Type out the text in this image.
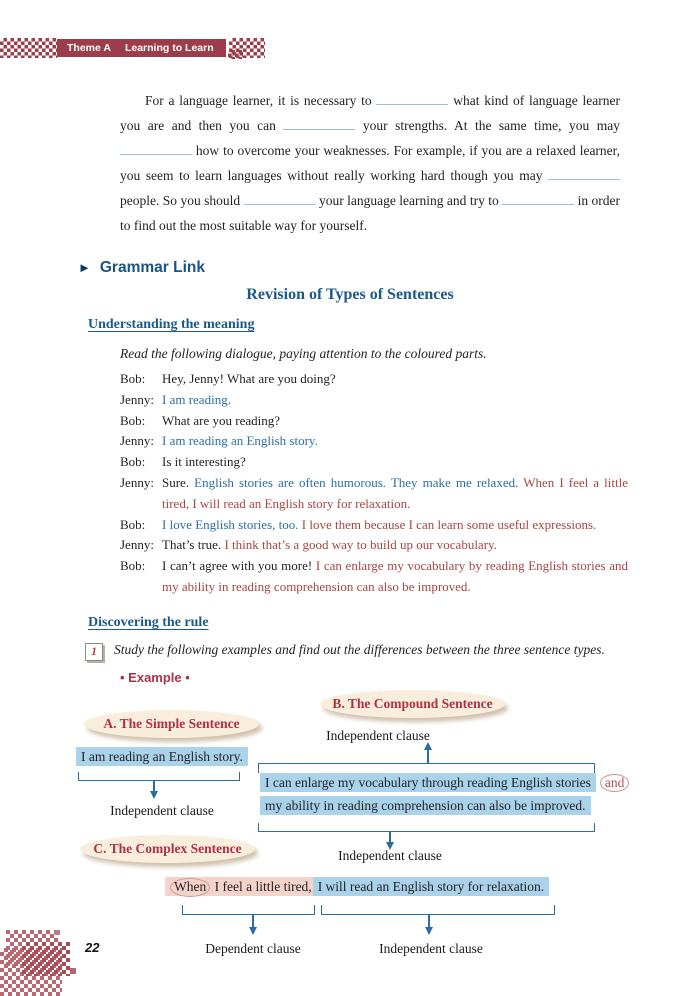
Theme A Learning to Learn

For a language learner, it is necessary to	what kind of language learner you are and then you can	your strengths. At the same time, you may  how to overcome your weaknesses. For example, if you are a relaxed learner, you seem to learn languages without really working hard though you may  people. So you should	your language learning and try to	in order to find out the most suitable way for yourself.

► Grammar Link
Revision of Types of Sentences
Understanding the meaning

Read the following dialogue, paying attention to the coloured parts.

Bob:	Hey, Jenny! What are you doing?
Jenny: I am reading.
Bob:	What are you reading?
Jenny: I am reading an English story.
Bob:	Is it interesting?
Jenny: Sure. English stories are often humorous. They make me relaxed. When I feel a little tired, I will read an English story for relaxation.
Bob:	I love English stories, too. I love them because I can learn some useful expressions.
Jenny: That’s true. I think that’s a good way to build up our vocabulary.
Bob:	I can’t agree with you more! I can enlarge my vocabulary by reading English stories and my ability in reading comprehension can also be improved.
Discovering the rule
1	Study the following examples and find out the differences between the three sentence types.
• Example •
B. The Compound Sentence
Independent clause
I can enlarge my vocabulary through reading English stories and
my ability in reading comprehension can also be improved.
Independent clause
A. The Simple Sentence
I am reading an English story.
Independent clause
C. The Complex Sentence
When I feel a little tired, I will read an English story for relaxation.
Dependent clause	Independent clause
22
